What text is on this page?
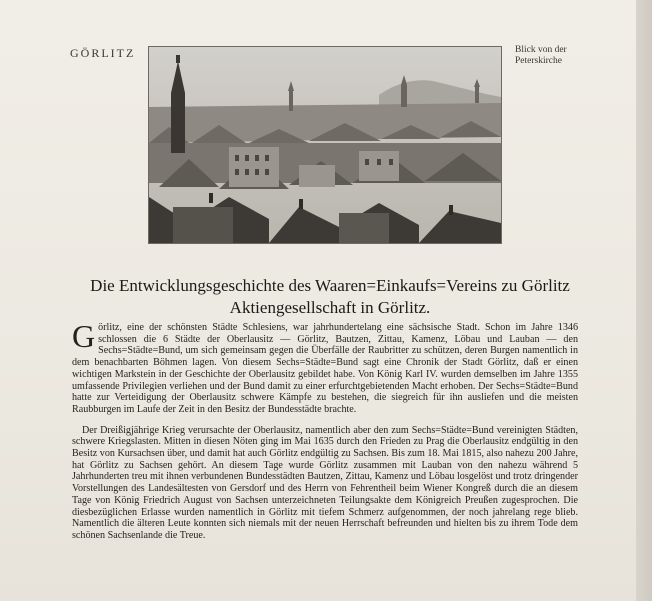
GÖRLITZ	Blick von der
Peterskirche
Die Entwicklungsgeschichte des Waaren=Einkaufs=Vereins zu Görlitz
Aktiengesellschaft in Görlitz.

Görlitz, eine der schönsten Städte Schlesiens, war jahrhundertelang eine sächsische Stadt. Schon im Jahre 1346 schlossen die 6 Städte der Oberlausitz — Görlitz, Bautzen, Zittau, Kamenz, Löbau und Lauban — den Sechs=Städte=Bund, um sich gemeinsam gegen die Überfälle der Raubritter zu schützen, deren Burgen namentlich in dem benachbarten Böhmen lagen. Von diesem Sechs=Städte=Bund sagt eine Chronik der Stadt Görlitz, daß er einen wichtigen Markstein in der Geschichte der Oberlausitz gebildet habe. Von König Karl IV. wurden demselben im Jahre 1355 umfassende Privilegien verliehen und der Bund damit zu einer erfurchtgebietenden Macht erhoben. Der Sechs=Städte=Bund hatte zur Verteidigung der Oberlausitz schwere Kämpfe zu bestehen, die siegreich für ihn ausliefen und die meisten Raubburgen im Laufe der Zeit in den Besitz der Bundesstädte brachte.

Der Dreißigjährige Krieg verursachte der Oberlausitz, namentlich aber den zum Sechs=Städte=Bund vereinigten Städten, schwere Kriegslasten. Mitten in diesen Nöten ging im Mai 1635 durch den Frieden zu Prag die Oberlausitz endgültig in den Besitz von Kursachsen über, und damit hat auch Görlitz endgültig zu Sachsen. Bis zum 18. Mai 1815, also nahezu 200 Jahre, hat Görlitz zu Sachsen gehört. An diesem Tage wurde Görlitz zusammen mit Lauban von den nahezu während 5 Jahrhunderten treu mit ihnen verbundenen Bundesstädten Bautzen, Zittau, Kamenz und Löbau losgelöst und trotz dringender Vorstellungen des Landesältesten von Gersdorf und des Herrn von Fehrentheil beim Wiener Kongreß durch die an diesem Tage von König Friedrich August von Sachsen unterzeichneten Teilungsakte dem Königreich Preußen zugesprochen. Die diesbezüglichen Erlasse wurden namentlich in Görlitz mit tiefem Schmerz aufgenommen, der noch jahrelang rege blieb. Namentlich die älteren Leute konnten sich niemals mit der neuen Herrschaft befreunden und hielten bis zu ihrem Tode dem schönen Sachsenlande die Treue.
